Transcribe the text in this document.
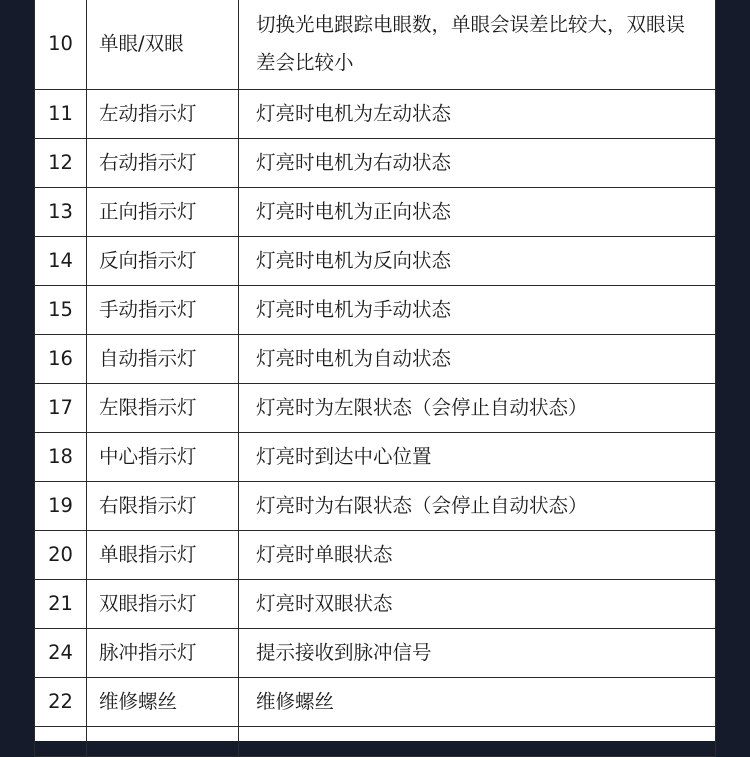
10	单眼/双眼	切换光电跟踪电眼数，单眼会误差比较大，双眼误差会比较小
11	左动指示灯	灯亮时电机为左动状态
12	右动指示灯	灯亮时电机为右动状态
13	正向指示灯	灯亮时电机为正向状态
14	反向指示灯	灯亮时电机为反向状态
15	手动指示灯	灯亮时电机为手动状态
16	自动指示灯	灯亮时电机为自动状态
17	左限指示灯	灯亮时为左限状态（会停止自动状态）
18	中心指示灯	灯亮时到达中心位置
19	右限指示灯	灯亮时为右限状态（会停止自动状态）
20	单眼指示灯	灯亮时单眼状态
21	双眼指示灯	灯亮时双眼状态
24	脉冲指示灯	提示接收到脉冲信号
22	维修螺丝	维修螺丝
